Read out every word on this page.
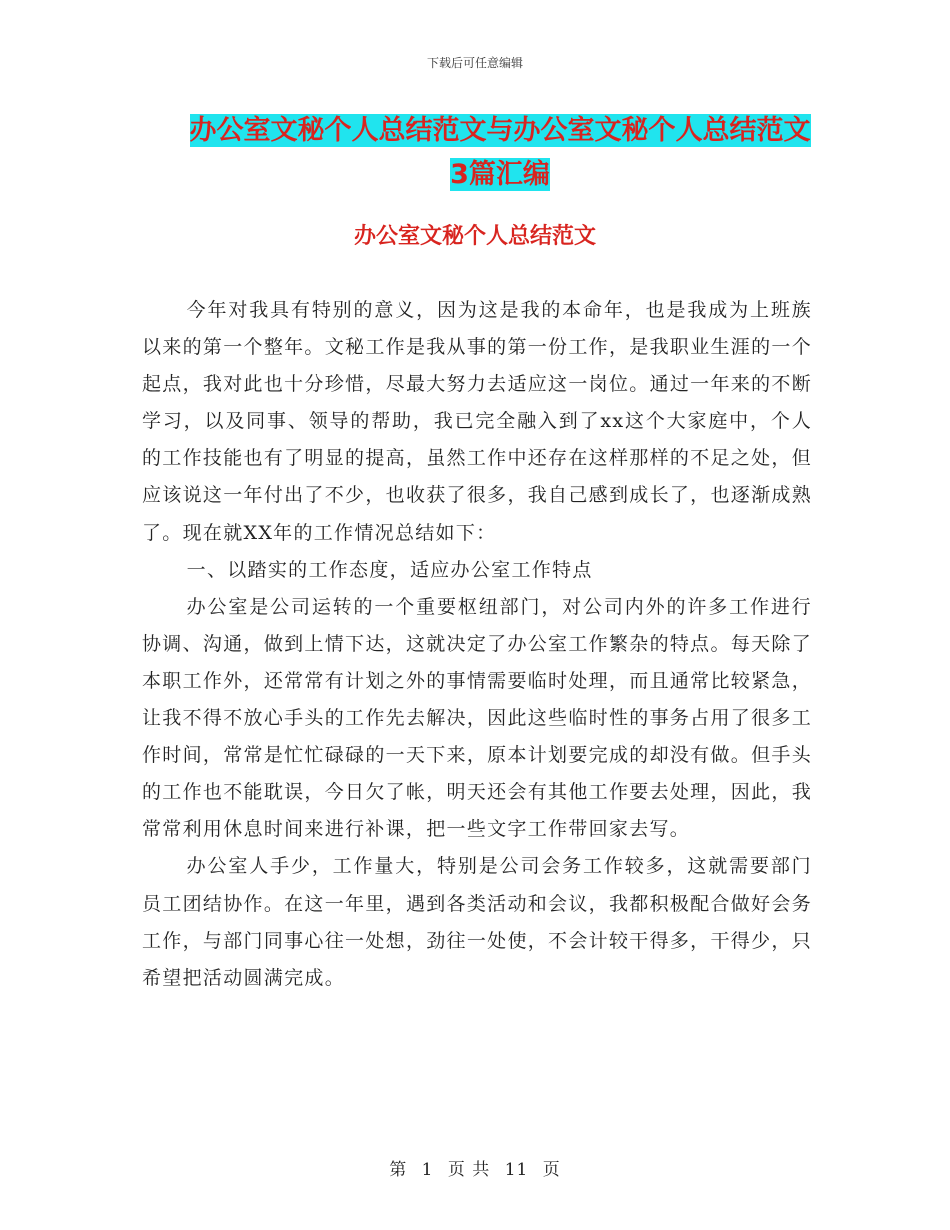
下载后可任意编辑
办公室文秘个人总结范文与办公室文秘个人总结范文
3篇汇编
办公室文秘个人总结范文

今年对我具有特别的意义，因为这是我的本命年，也是我成为上班族以来的第一个整年。文秘工作是我从事的第一份工作，是我职业生涯的一个起点，我对此也十分珍惜，尽最大努力去适应这一岗位。通过一年来的不断学习，以及同事、领导的帮助，我已完全融入到了xx这个大家庭中，个人的工作技能也有了明显的提高，虽然工作中还存在这样那样的不足之处，但应该说这一年付出了不少，也收获了很多，我自己感到成长了，也逐渐成熟了。现在就XX年的工作情况总结如下：

一、以踏实的工作态度，适应办公室工作特点

办公室是公司运转的一个重要枢纽部门，对公司内外的许多工作进行协调、沟通，做到上情下达，这就决定了办公室工作繁杂的特点。每天除了本职工作外，还常常有计划之外的事情需要临时处理，而且通常比较紧急，让我不得不放心手头的工作先去解决，因此这些临时性的事务占用了很多工作时间，常常是忙忙碌碌的一天下来，原本计划要完成的却没有做。但手头的工作也不能耽误，今日欠了帐，明天还会有其他工作要去处理，因此，我常常利用休息时间来进行补课，把一些文字工作带回家去写。

办公室人手少，工作量大，特别是公司会务工作较多，这就需要部门员工团结协作。在这一年里，遇到各类活动和会议，我都积极配合做好会务工作，与部门同事心往一处想，劲往一处使，不会计较干得多，干得少，只希望把活动圆满完成。

第 1 页 共 11 页
